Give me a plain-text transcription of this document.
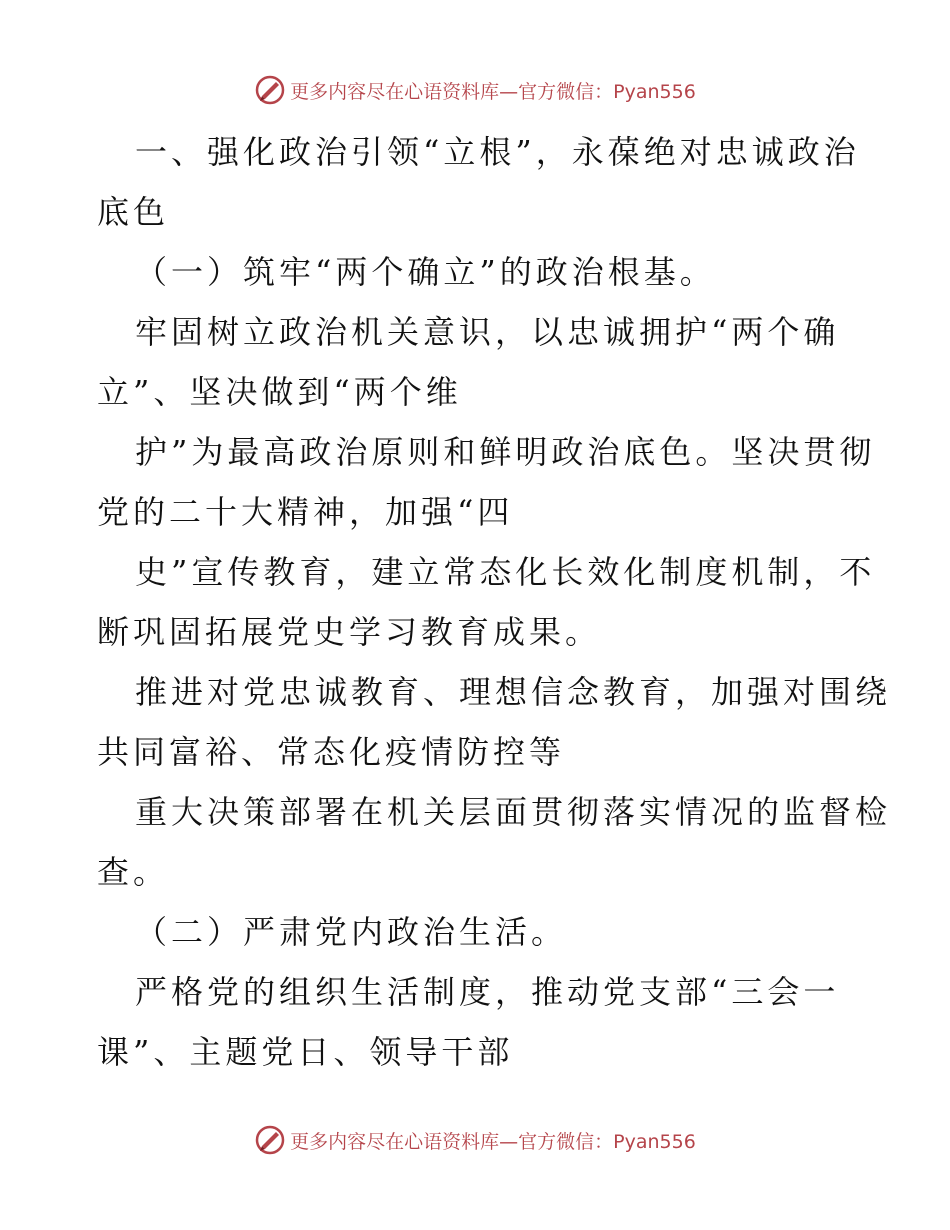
更多内容尽在心语资料库—官方微信：Pyan556
一、强化政治引领“立根”，永葆绝对忠诚政治
底色
（一）筑牢“两个确立”的政治根基。
牢固树立政治机关意识，以忠诚拥护“两个确
立”、坚决做到“两个维
护”为最高政治原则和鲜明政治底色。坚决贯彻
党的二十大精神，加强“四
史”宣传教育，建立常态化长效化制度机制，不
断巩固拓展党史学习教育成果。
推进对党忠诚教育、理想信念教育，加强对围绕
共同富裕、常态化疫情防控等
重大决策部署在机关层面贯彻落实情况的监督检
查。
（二）严肃党内政治生活。
严格党的组织生活制度，推动党支部“三会一
课”、主题党日、领导干部
更多内容尽在心语资料库—官方微信：Pyan556
